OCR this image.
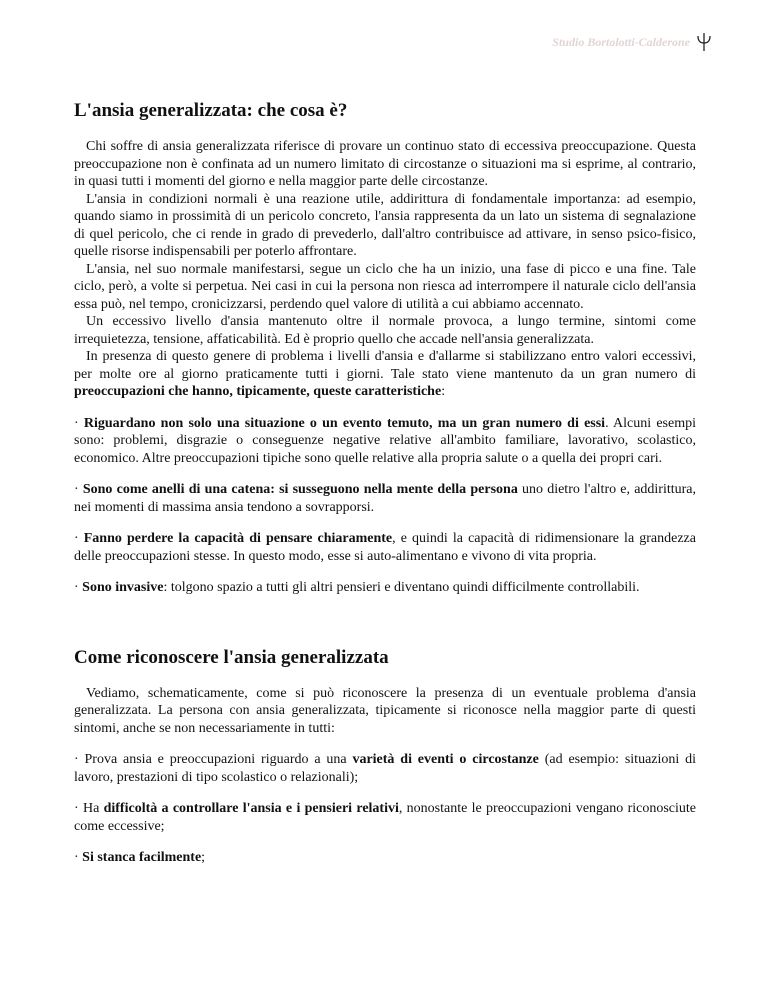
Studio Bortolotti-Calderone
L'ansia generalizzata: che cosa è?

Chi soffre di ansia generalizzata riferisce di provare un continuo stato di eccessiva preoccupazione. Questa preoccupazione non è confinata ad un numero limitato di circostanze o situazioni ma si esprime, al contrario, in quasi tutti i momenti del giorno e nella maggior parte delle circostanze.

L'ansia in condizioni normali è una reazione utile, addirittura di fondamentale importanza: ad esempio, quando siamo in prossimità di un pericolo concreto, l'ansia rappresenta da un lato un sistema di segnalazione di quel pericolo, che ci rende in grado di prevederlo, dall'altro contribuisce ad attivare, in senso psico-fisico, quelle risorse indispensabili per poterlo affrontare.

L'ansia, nel suo normale manifestarsi, segue un ciclo che ha un inizio, una fase di picco e una fine. Tale ciclo, però, a volte si perpetua. Nei casi in cui la persona non riesca ad interrompere il naturale ciclo dell'ansia essa può, nel tempo, cronicizzarsi, perdendo quel valore di utilità a cui abbiamo accennato.

Un eccessivo livello d'ansia mantenuto oltre il normale provoca, a lungo termine, sintomi come irrequietezza, tensione, affaticabilità. Ed è proprio quello che accade nell'ansia generalizzata.

In presenza di questo genere di problema i livelli d'ansia e d'allarme si stabilizzano entro valori eccessivi, per molte ore al giorno praticamente tutti i giorni. Tale stato viene mantenuto da un gran numero di preoccupazioni che hanno, tipicamente, queste caratteristiche:

· Riguardano non solo una situazione o un evento temuto, ma un gran numero di essi. Alcuni esempi sono: problemi, disgrazie o conseguenze negative relative all'ambito familiare, lavorativo, scolastico, economico. Altre preoccupazioni tipiche sono quelle relative alla propria salute o a quella dei propri cari.

· Sono come anelli di una catena: si susseguono nella mente della persona uno dietro l'altro e, addirittura, nei momenti di massima ansia tendono a sovrapporsi.

· Fanno perdere la capacità di pensare chiaramente, e quindi la capacità di ridimensionare la grandezza delle preoccupazioni stesse. In questo modo, esse si auto-alimentano e vivono di vita propria.

· Sono invasive: tolgono spazio a tutti gli altri pensieri e diventano quindi difficilmente controllabili.

Come riconoscere l'ansia generalizzata

Vediamo, schematicamente, come si può riconoscere la presenza di un eventuale problema d'ansia generalizzata. La persona con ansia generalizzata, tipicamente si riconosce nella maggior parte di questi sintomi, anche se non necessariamente in tutti:

· Prova ansia e preoccupazioni riguardo a una varietà di eventi o circostanze (ad esempio: situazioni di lavoro, prestazioni di tipo scolastico o relazionali);

· Ha difficoltà a controllare l'ansia e i pensieri relativi, nonostante le preoccupazioni vengano riconosciute come eccessive;

· Si stanca facilmente;
